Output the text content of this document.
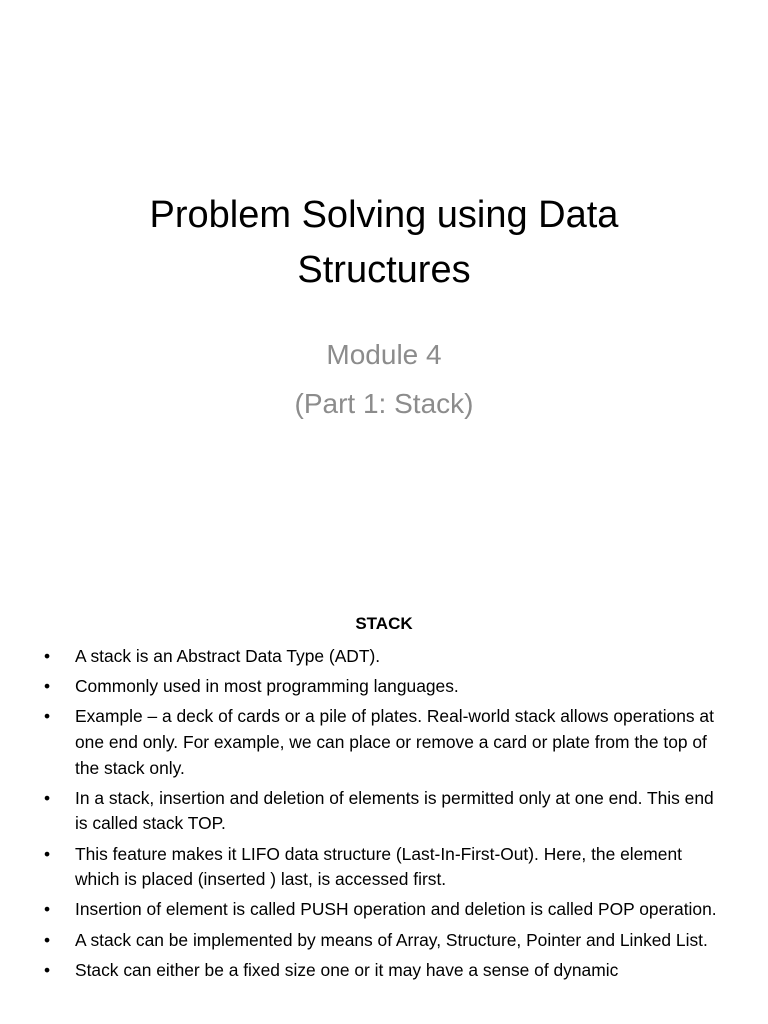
Problem Solving using Data Structures
Module 4
(Part 1: Stack)
STACK
• A stack is an Abstract Data Type (ADT).
• Commonly used in most programming languages.
• Example – a deck of cards or a pile of plates. Real-world stack allows operations at one end only. For example, we can place or remove a card or plate from the top of the stack only.
• In a stack, insertion and deletion of elements is permitted only at one end. This end is called stack TOP.
• This feature makes it LIFO data structure (Last-In-First-Out). Here, the element which is placed (inserted ) last, is accessed first.
• Insertion of element is called PUSH operation and deletion is called POP operation.
• A stack can be implemented by means of Array, Structure, Pointer and Linked List.
• Stack can either be a fixed size one or it may have a sense of dynamic
